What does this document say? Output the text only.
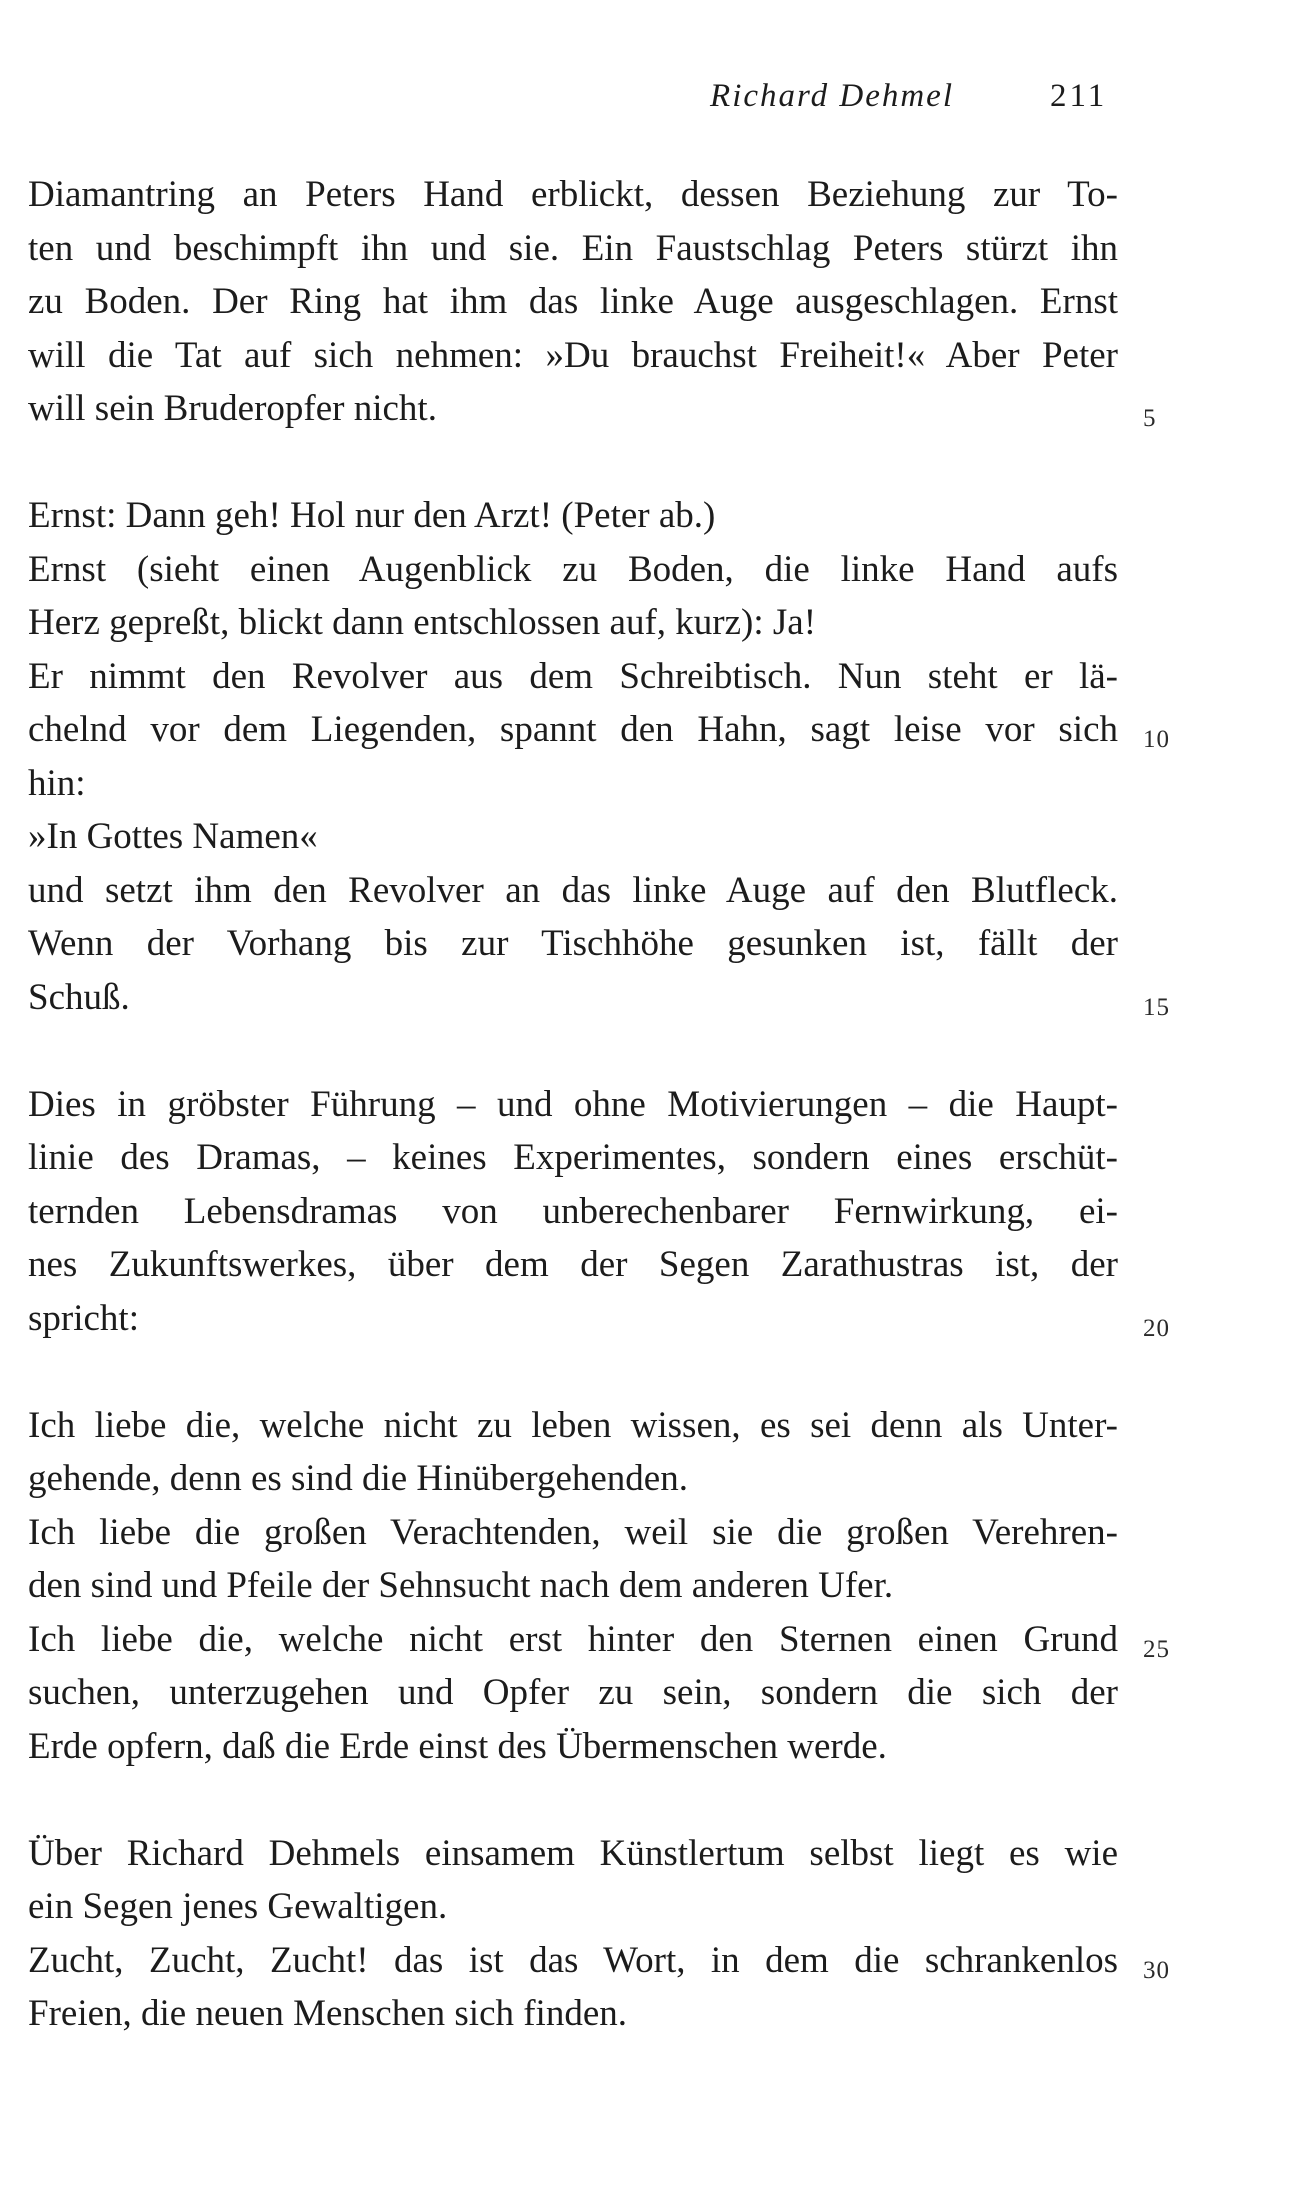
Richard Dehmel	211
Diamantring an Peters Hand erblickt, dessen Beziehung zur To-
ten und beschimpft ihn und sie. Ein Faustschlag Peters stürzt ihn
zu Boden. Der Ring hat ihm das linke Auge ausgeschlagen. Ernst
will die Tat auf sich nehmen: »Du brauchst Freiheit!« Aber Peter
will sein Bruderopfer nicht.	5
Ernst: Dann geh! Hol nur den Arzt! (Peter ab.)
Ernst (sieht einen Augenblick zu Boden, die linke Hand aufs
Herz gepreßt, blickt dann entschlossen auf, kurz): Ja!
Er nimmt den Revolver aus dem Schreibtisch. Nun steht er lä-
chelnd vor dem Liegenden, spannt den Hahn, sagt leise vor sich 10
hin:
»In Gottes Namen«
und setzt ihm den Revolver an das linke Auge auf den Blutfleck.
Wenn der Vorhang bis zur Tischhöhe gesunken ist, fällt der
Schuß.	15
Dies in gröbster Führung – und ohne Motivierungen – die Haupt-
linie des Dramas, – keines Experimentes, sondern eines erschüt-
ternden Lebensdramas von unberechenbarer Fernwirkung, ei-
nes Zukunftswerkes, über dem der Segen Zarathustras ist, der
spricht:	20
Ich liebe die, welche nicht zu leben wissen, es sei denn als Unter-
gehende, denn es sind die Hinübergehenden.
Ich liebe die großen Verachtenden, weil sie die großen Verehren-
den sind und Pfeile der Sehnsucht nach dem anderen Ufer.
Ich liebe die, welche nicht erst hinter den Sternen einen Grund 25
suchen, unterzugehen und Opfer zu sein, sondern die sich der
Erde opfern, daß die Erde einst des Übermenschen werde.
Über Richard Dehmels einsamem Künstlertum selbst liegt es wie
ein Segen jenes Gewaltigen.
Zucht, Zucht, Zucht! das ist das Wort, in dem die schrankenlos 30
Freien, die neuen Menschen sich finden.
